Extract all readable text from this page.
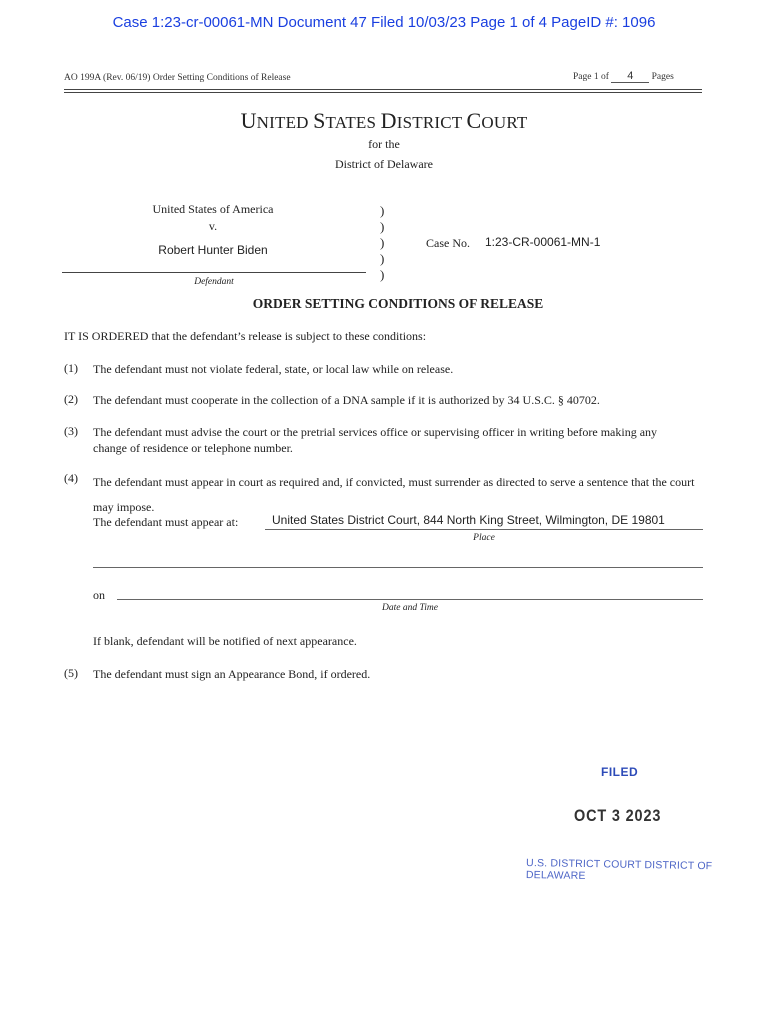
Case 1:23-cr-00061-MN Document 47 Filed 10/03/23 Page 1 of 4 PageID #: 1096
AO 199A (Rev. 06/19) Order Setting Conditions of Release	Page 1 of 4 Pages
UNITED STATES DISTRICT COURT
for the
District of Delaware
United States of America
v.
Robert Hunter Biden
Defendant
)
)
)
)
)
Case No. 1:23-CR-00061-MN-1
ORDER SETTING CONDITIONS OF RELEASE
IT IS ORDERED that the defendant’s release is subject to these conditions:
(1) The defendant must not violate federal, state, or local law while on release.
(2) The defendant must cooperate in the collection of a DNA sample if it is authorized by 34 U.S.C. § 40702.
(3) The defendant must advise the court or the pretrial services office or supervising officer in writing before making any change of residence or telephone number.
(4) The defendant must appear in court as required and, if convicted, must surrender as directed to serve a sentence that the court may impose.
The defendant must appear at:	United States District Court, 844 North King Street, Wilmington, DE 19801
Place
on
Date and Time
If blank, defendant will be notified of next appearance.
(5) The defendant must sign an Appearance Bond, if ordered.
FILED
OCT 3 2023
U.S. DISTRICT COURT DISTRICT OF DELAWARE
